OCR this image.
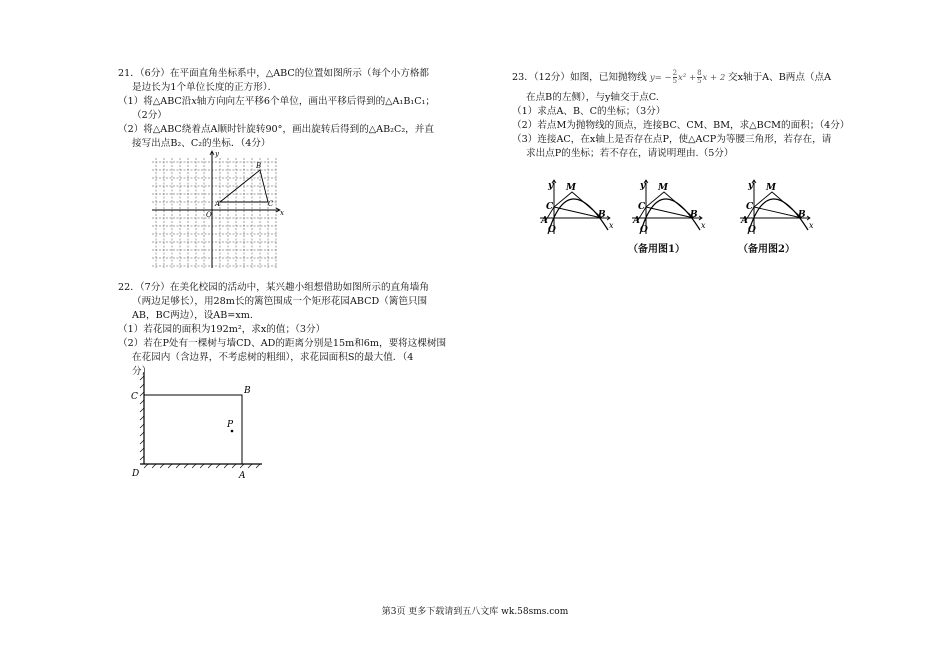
21．（6分）在平面直角坐标系中，△ABC的位置如图所示（每个小方格都
是边长为1个单位长度的正方形）．
（1）将△ABC沿x轴方向向左平移6个单位，画出平移后得到的△A₁B₁C₁；
（2分）
（2）将△ABC绕着点A顺时针旋转90°，画出旋转后得到的△AB₂C₂，并直
接写出点B₂、C₂的坐标．（4分）
y
x
O
A
B
C
22．（7分）在美化校园的活动中，某兴趣小组想借助如图所示的直角墙角
（两边足够长），用28m长的篱笆围成一个矩形花园ABCD（篱笆只围
AB，BC两边），设AB=xm.
（1）若花园的面积为192m²，求x的值；（3分）
（2）若在P处有一棵树与墙CD、AD的距离分别是15m和6m，要将这棵树围
在花园内（含边界，不考虑树的粗细），求花园面积S的最大值．（4
分）
C
B
D	A
P
23．（12分）如图，已知抛物线 $y= - \frac{2}{5} x^2 + \frac{8}{5}$ x + 2 交x轴于A、B两点（点A
在点B的左侧），与y轴交于点C.
（1）求点A、B、C的坐标；（3分）
（2）若点M为抛物线的顶点，连接BC、CM、BM，求△BCM的面积；（4分）
（3）连接AC，在x轴上是否存在点P，使△ACP为等腰三角形，若存在，请
求出点P的坐标；若不存在，请说明理由.（5分）
y M
C
A
O
B
x
y M
C
A
O
B
x
y M
C
A
O
B
x
（备用图1）	（备用图2）
第3页 更多下载请到五八文库 wk.58sms.com
